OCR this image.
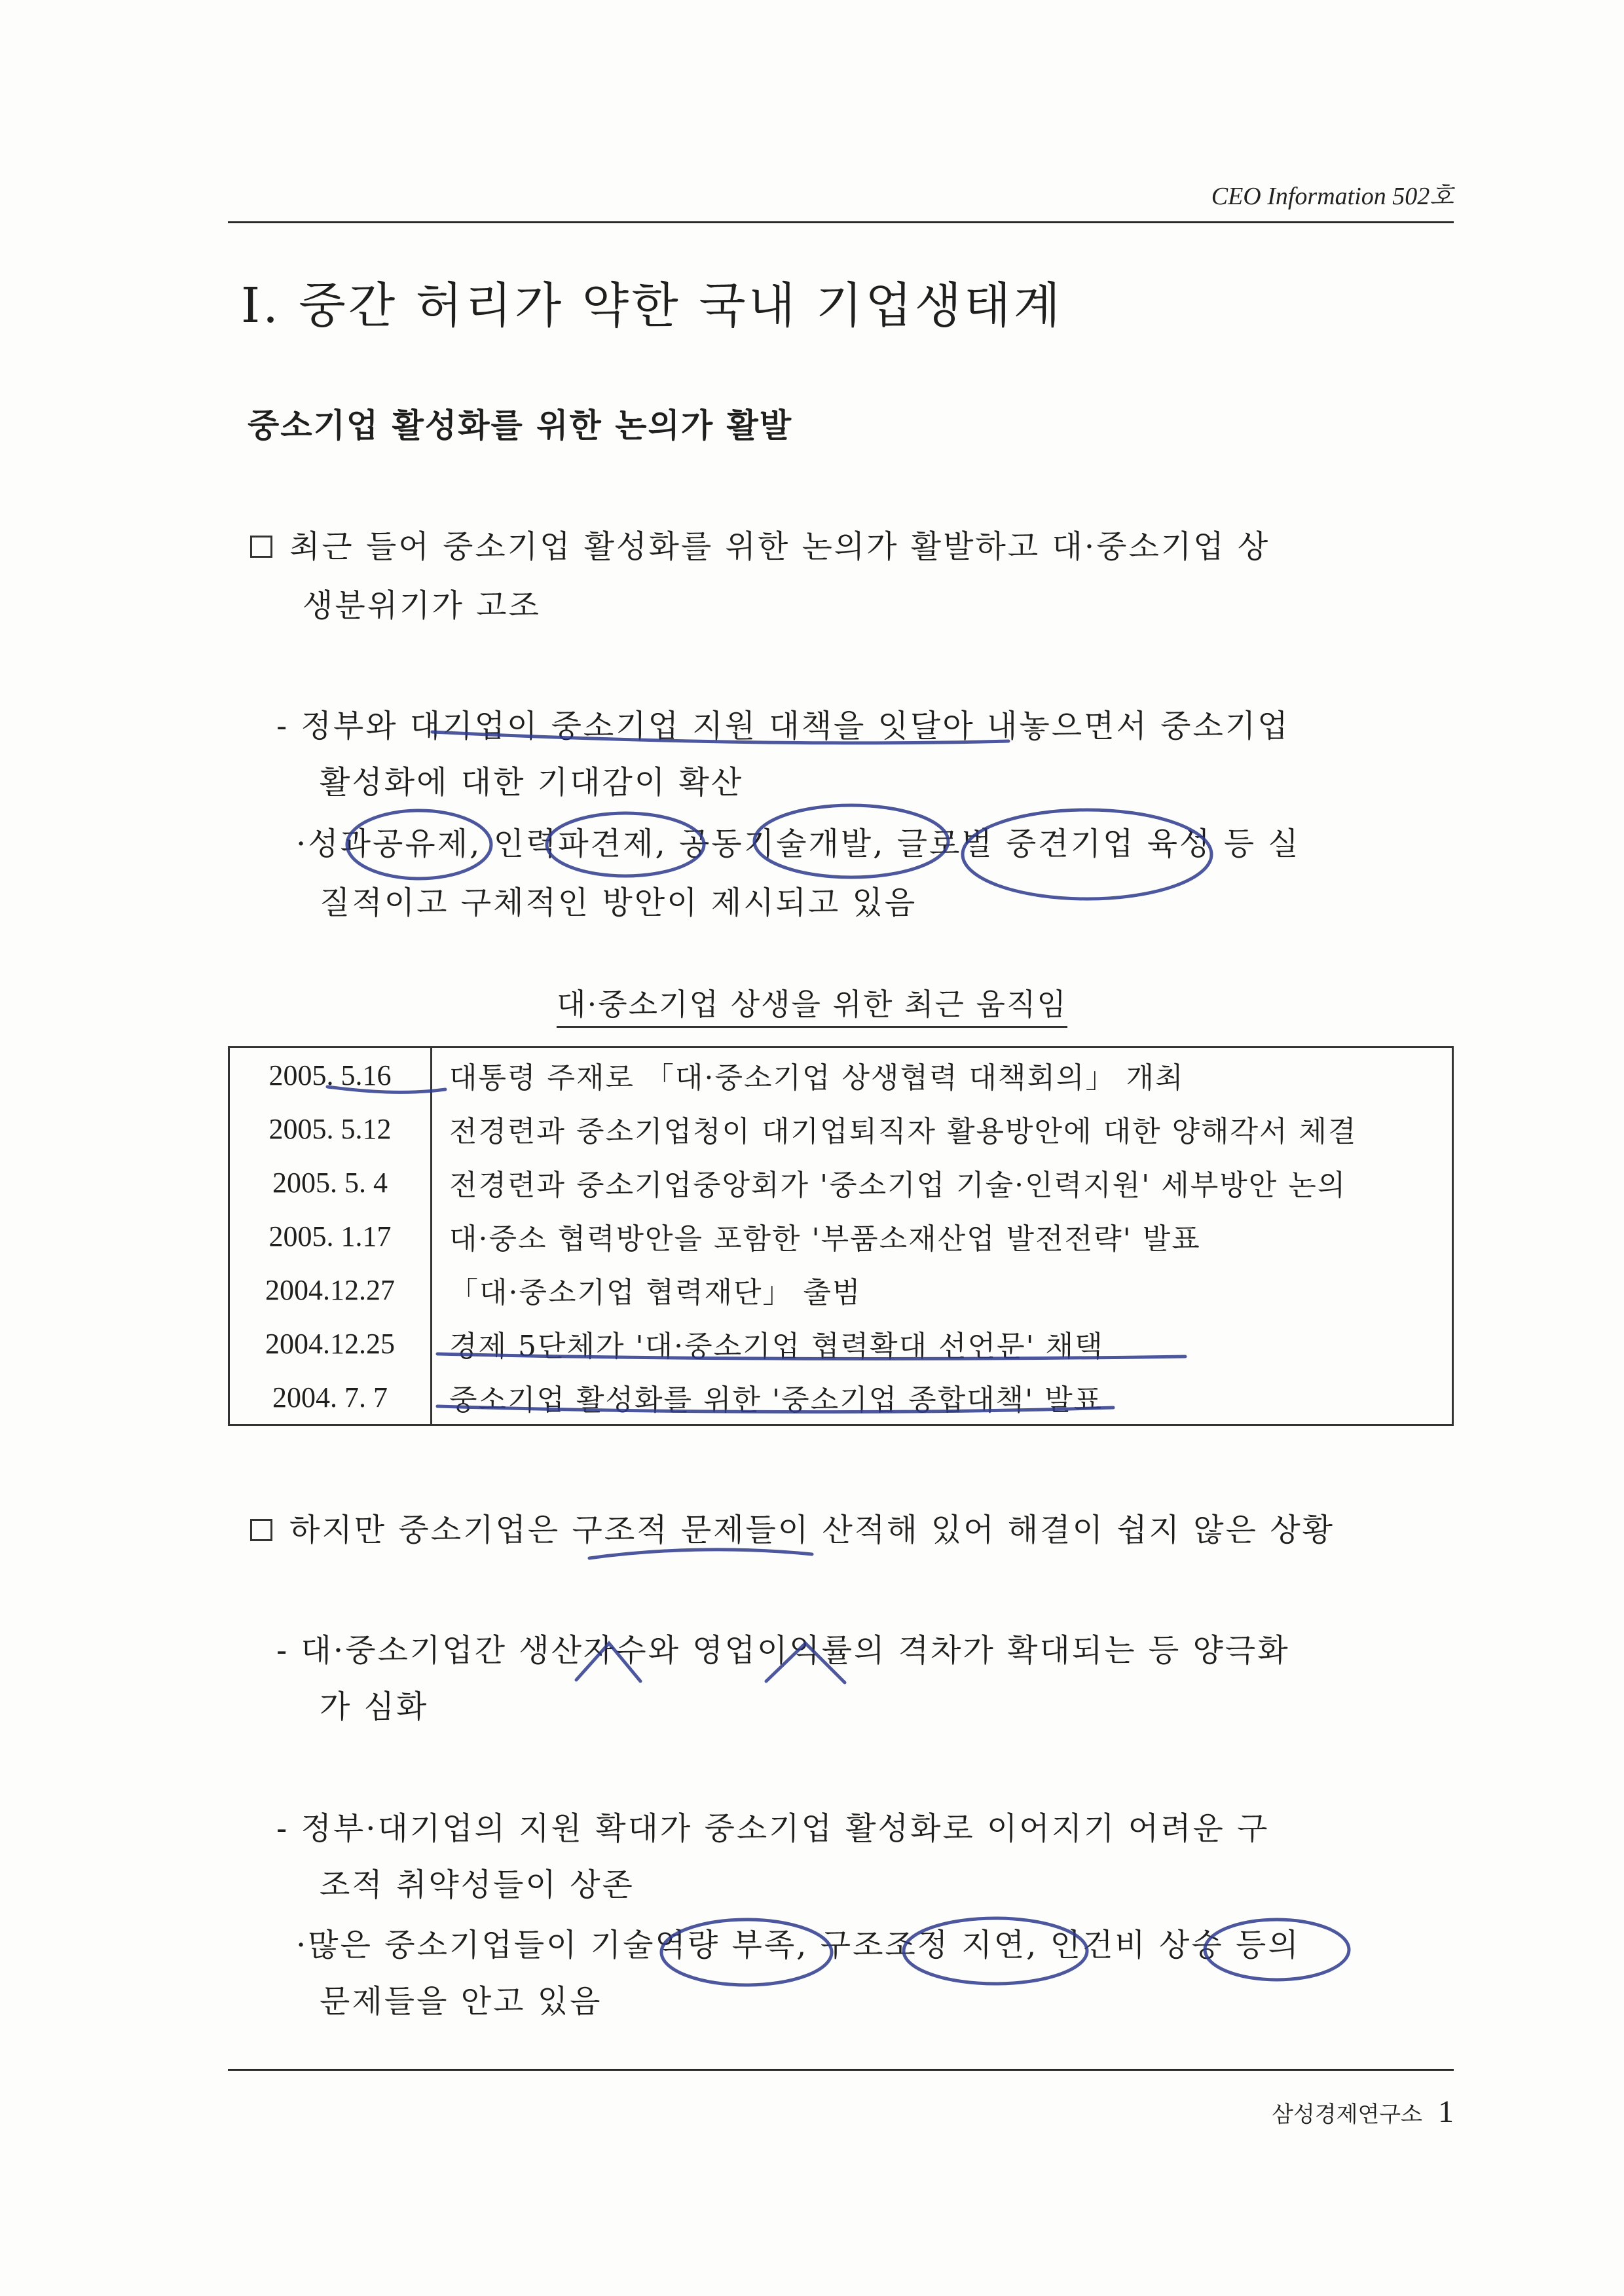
CEO Information 502호
Ⅰ. 중간 허리가 약한 국내 기업생태계
중소기업 활성화를 위한 논의가 활발
최근 들어 중소기업 활성화를 위한 논의가 활발하고 대·중소기업 상
생분위기가 고조
- 정부와 대기업이 중소기업 지원 대책을 잇달아 내놓으면서 중소기업
활성화에 대한 기대감이 확산
·성과공유제, 인력파견제, 공동기술개발, 글로벌 중견기업 육성 등 실
질적이고 구체적인 방안이 제시되고 있음
대·중소기업 상생을 위한 최근 움직임
2005. 5.16	대통령 주재로 「대·중소기업 상생협력 대책회의」 개최
2005. 5.12	전경련과 중소기업청이 대기업퇴직자 활용방안에 대한 양해각서 체결
2005. 5. 4	전경련과 중소기업중앙회가 '중소기업 기술·인력지원' 세부방안 논의
2005. 1.17	대·중소 협력방안을 포함한 '부품소재산업 발전전략' 발표
2004.12.27	「대·중소기업 협력재단」 출범
2004.12.25	경제 5단체가 '대·중소기업 협력확대 선언문' 채택
2004. 7. 7	중소기업 활성화를 위한 '중소기업 종합대책' 발표
하지만 중소기업은 구조적 문제들이 산적해 있어 해결이 쉽지 않은 상황
- 대·중소기업간 생산자수와 영업이익률의 격차가 확대되는 등 양극화
가 심화
- 정부·대기업의 지원 확대가 중소기업 활성화로 이어지기 어려운 구
조적 취약성들이 상존
·많은 중소기업들이 기술역량 부족, 구조조정 지연, 인건비 상승 등의
문제들을 안고 있음
삼성경제연구소 1
